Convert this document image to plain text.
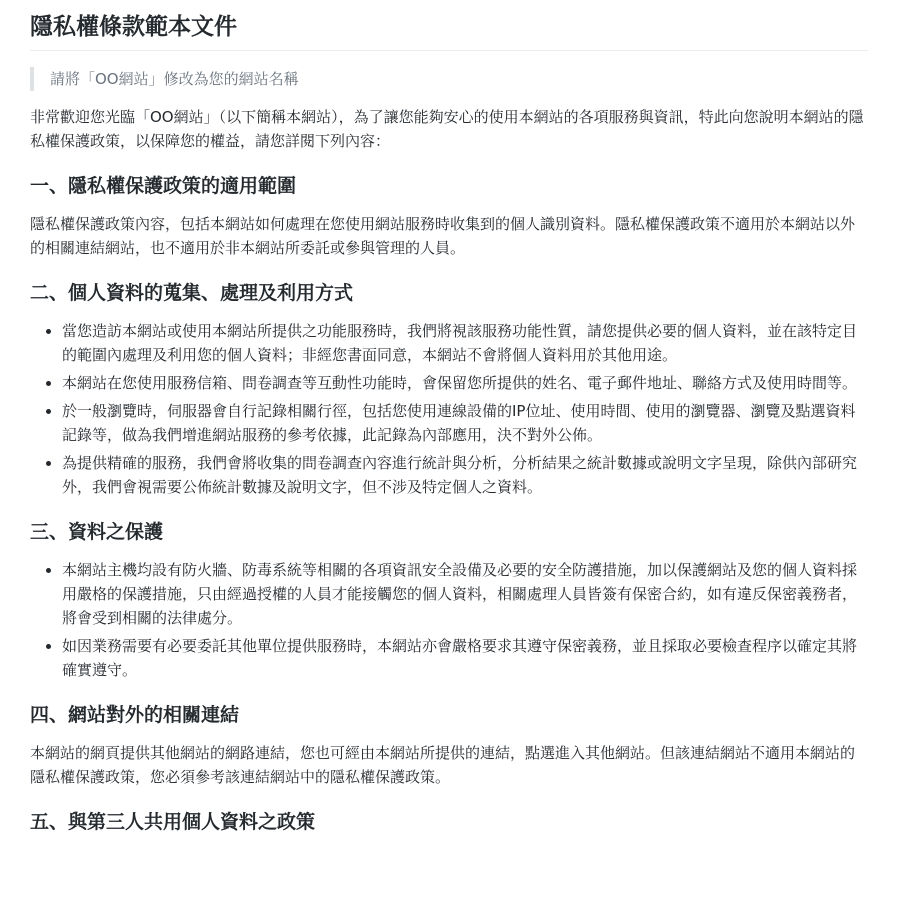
隱私權條款範本文件
請將「OO網站」修改為您的網站名稱

非常歡迎您光臨「OO網站」（以下簡稱本網站），為了讓您能夠安心的使用本網站的各項服務與資訊，特此向您說明本網站的隱私權保護政策，以保障您的權益，請您詳閱下列內容：

一、隱私權保護政策的適用範圍

隱私權保護政策內容，包括本網站如何處理在您使用網站服務時收集到的個人識別資料。隱私權保護政策不適用於本網站以外的相關連結網站，也不適用於非本網站所委託或參與管理的人員。

二、個人資料的蒐集、處理及利用方式
• 當您造訪本網站或使用本網站所提供之功能服務時，我們將視該服務功能性質，請您提供必要的個人資料，並在該特定目的範圍內處理及利用您的個人資料；非經您書面同意，本網站不會將個人資料用於其他用途。
• 本網站在您使用服務信箱、問卷調查等互動性功能時，會保留您所提供的姓名、電子郵件地址、聯絡方式及使用時間等。
• 於一般瀏覽時，伺服器會自行記錄相關行徑，包括您使用連線設備的IP位址、使用時間、使用的瀏覽器、瀏覽及點選資料記錄等，做為我們增進網站服務的參考依據，此記錄為內部應用，決不對外公佈。
• 為提供精確的服務，我們會將收集的問卷調查內容進行統計與分析，分析結果之統計數據或說明文字呈現，除供內部研究外，我們會視需要公佈統計數據及說明文字，但不涉及特定個人之資料。
三、資料之保護
• 本網站主機均設有防火牆、防毒系統等相關的各項資訊安全設備及必要的安全防護措施，加以保護網站及您的個人資料採用嚴格的保護措施，只由經過授權的人員才能接觸您的個人資料，相關處理人員皆簽有保密合約，如有違反保密義務者，將會受到相關的法律處分。
• 如因業務需要有必要委託其他單位提供服務時，本網站亦會嚴格要求其遵守保密義務，並且採取必要檢查程序以確定其將確實遵守。
四、網站對外的相關連結

本網站的網頁提供其他網站的網路連結，您也可經由本網站所提供的連結，點選進入其他網站。但該連結網站不適用本網站的隱私權保護政策，您必須參考該連結網站中的隱私權保護政策。

五、與第三人共用個人資料之政策
